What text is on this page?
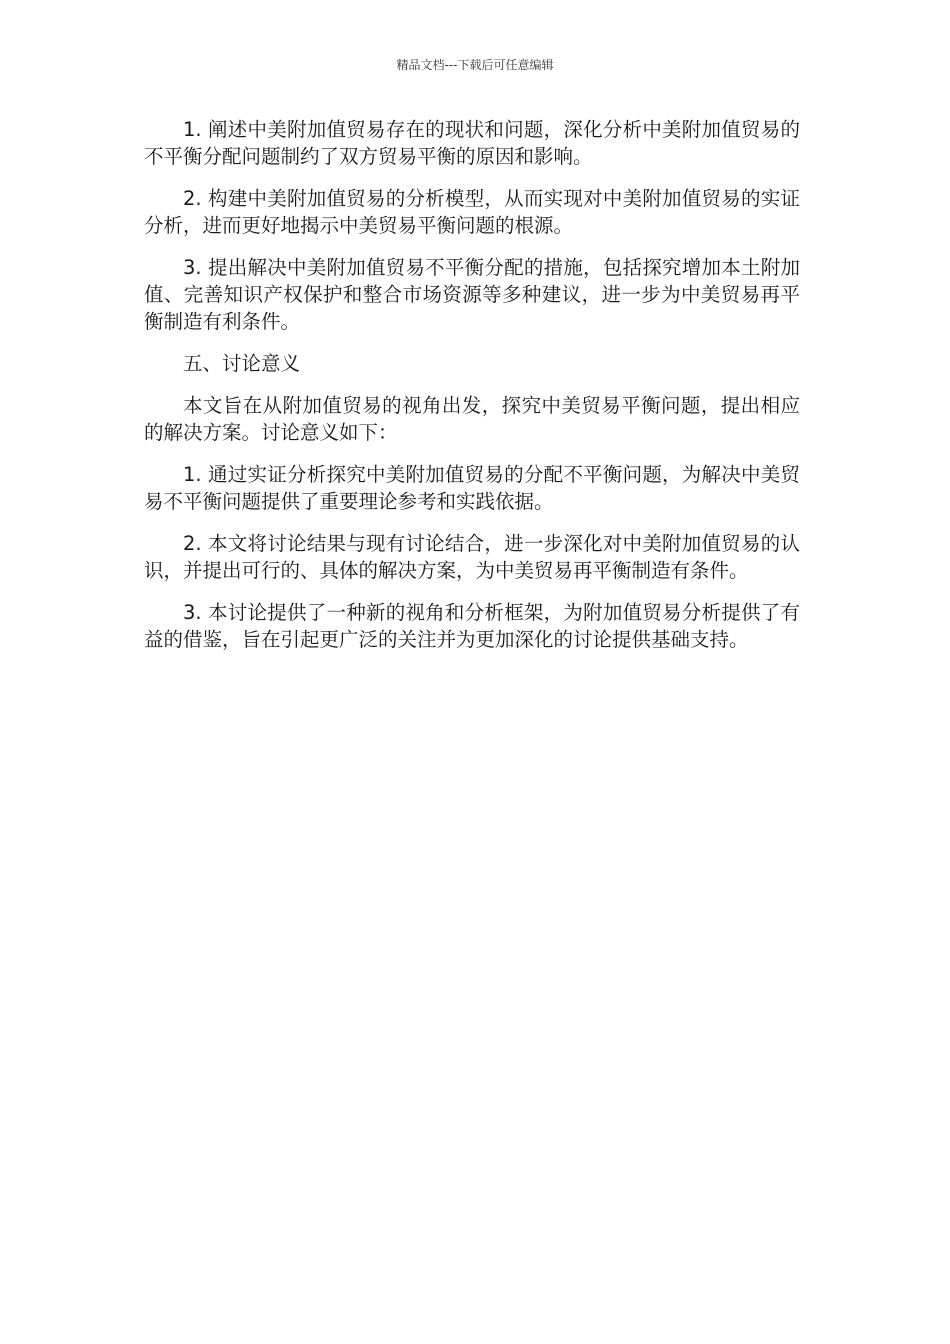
精品文档---下载后可任意编辑

1. 阐述中美附加值贸易存在的现状和问题，深化分析中美附加值贸易的不平衡分配问题制约了双方贸易平衡的原因和影响。

2. 构建中美附加值贸易的分析模型，从而实现对中美附加值贸易的实证分析，进而更好地揭示中美贸易平衡问题的根源。

3. 提出解决中美附加值贸易不平衡分配的措施，包括探究增加本土附加值、完善知识产权保护和整合市场资源等多种建议，进一步为中美贸易再平衡制造有利条件。

五、讨论意义

本文旨在从附加值贸易的视角出发，探究中美贸易平衡问题，提出相应的解决方案。讨论意义如下：

1. 通过实证分析探究中美附加值贸易的分配不平衡问题，为解决中美贸易不平衡问题提供了重要理论参考和实践依据。

2. 本文将讨论结果与现有讨论结合，进一步深化对中美附加值贸易的认识，并提出可行的、具体的解决方案，为中美贸易再平衡制造有条件。

3. 本讨论提供了一种新的视角和分析框架，为附加值贸易分析提供了有益的借鉴，旨在引起更广泛的关注并为更加深化的讨论提供基础支持。
